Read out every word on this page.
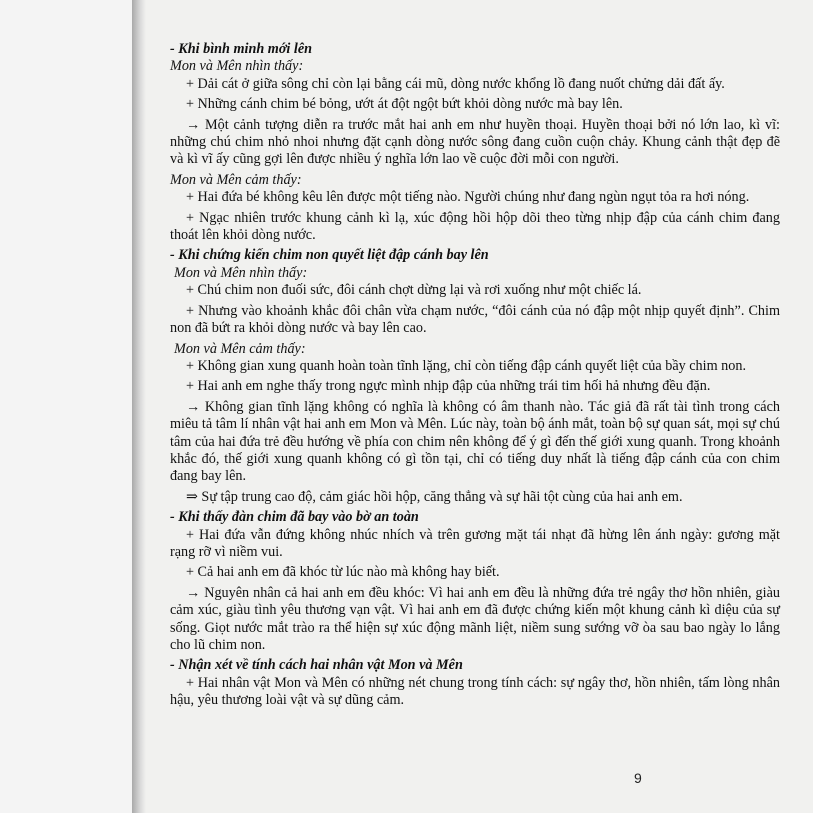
- Khi bình minh mới lên

Mon và Mên nhìn thấy:

+ Dải cát ở giữa sông chỉ còn lại bằng cái mũ, dòng nước khổng lồ đang nuốt chửng dải đất ấy.

+ Những cánh chim bé bỏng, ướt át đột ngột bứt khỏi dòng nước mà bay lên.

→ Một cảnh tượng diễn ra trước mắt hai anh em như huyền thoại. Huyền thoại bởi nó lớn lao, kì vĩ: những chú chim nhỏ nhoi nhưng đặt cạnh dòng nước sông đang cuồn cuộn chảy. Khung cảnh thật đẹp đẽ và kì vĩ ấy cũng gợi lên được nhiều ý nghĩa lớn lao về cuộc đời mỗi con người.

Mon và Mên cảm thấy:

+ Hai đứa bé không kêu lên được một tiếng nào. Người chúng như đang ngùn ngụt tỏa ra hơi nóng.

+ Ngạc nhiên trước khung cảnh kì lạ, xúc động hồi hộp dõi theo từng nhịp đập của cánh chim đang thoát lên khỏi dòng nước.

- Khi chứng kiến chim non quyết liệt đập cánh bay lên

Mon và Mên nhìn thấy:

+ Chú chim non đuối sức, đôi cánh chợt dừng lại và rơi xuống như một chiếc lá.

+ Nhưng vào khoảnh khắc đôi chân vừa chạm nước, “đôi cánh của nó đập một nhịp quyết định”. Chim non đã bứt ra khỏi dòng nước và bay lên cao.

Mon và Mên cảm thấy:

+ Không gian xung quanh hoàn toàn tĩnh lặng, chỉ còn tiếng đập cánh quyết liệt của bầy chim non.

+ Hai anh em nghe thấy trong ngực mình nhịp đập của những trái tim hối hả nhưng đều đặn.

→ Không gian tĩnh lặng không có nghĩa là không có âm thanh nào. Tác giả đã rất tài tình trong cách miêu tả tâm lí nhân vật hai anh em Mon và Mên. Lúc này, toàn bộ ánh mắt, toàn bộ sự quan sát, mọi sự chú tâm của hai đứa trẻ đều hướng về phía con chim nên không để ý gì đến thế giới xung quanh. Trong khoảnh khắc đó, thế giới xung quanh không có gì tồn tại, chỉ có tiếng duy nhất là tiếng đập cánh của con chim đang bay lên.

⇒ Sự tập trung cao độ, cảm giác hồi hộp, căng thẳng và sự hãi tột cùng của hai anh em.

- Khi thấy đàn chim đã bay vào bờ an toàn

+ Hai đứa vẫn đứng không nhúc nhích và trên gương mặt tái nhạt đã hừng lên ánh ngày: gương mặt rạng rỡ vì niềm vui.

+ Cả hai anh em đã khóc từ lúc nào mà không hay biết.

→ Nguyên nhân cả hai anh em đều khóc: Vì hai anh em đều là những đứa trẻ ngây thơ hồn nhiên, giàu cảm xúc, giàu tình yêu thương vạn vật. Vì hai anh em đã được chứng kiến một khung cảnh kì diệu của sự sống. Giọt nước mắt trào ra thể hiện sự xúc động mãnh liệt, niềm sung sướng vỡ òa sau bao ngày lo lắng cho lũ chim non.

- Nhận xét về tính cách hai nhân vật Mon và Mên

+ Hai nhân vật Mon và Mên có những nét chung trong tính cách: sự ngây thơ, hồn nhiên, tấm lòng nhân hậu, yêu thương loài vật và sự dũng cảm.

9
